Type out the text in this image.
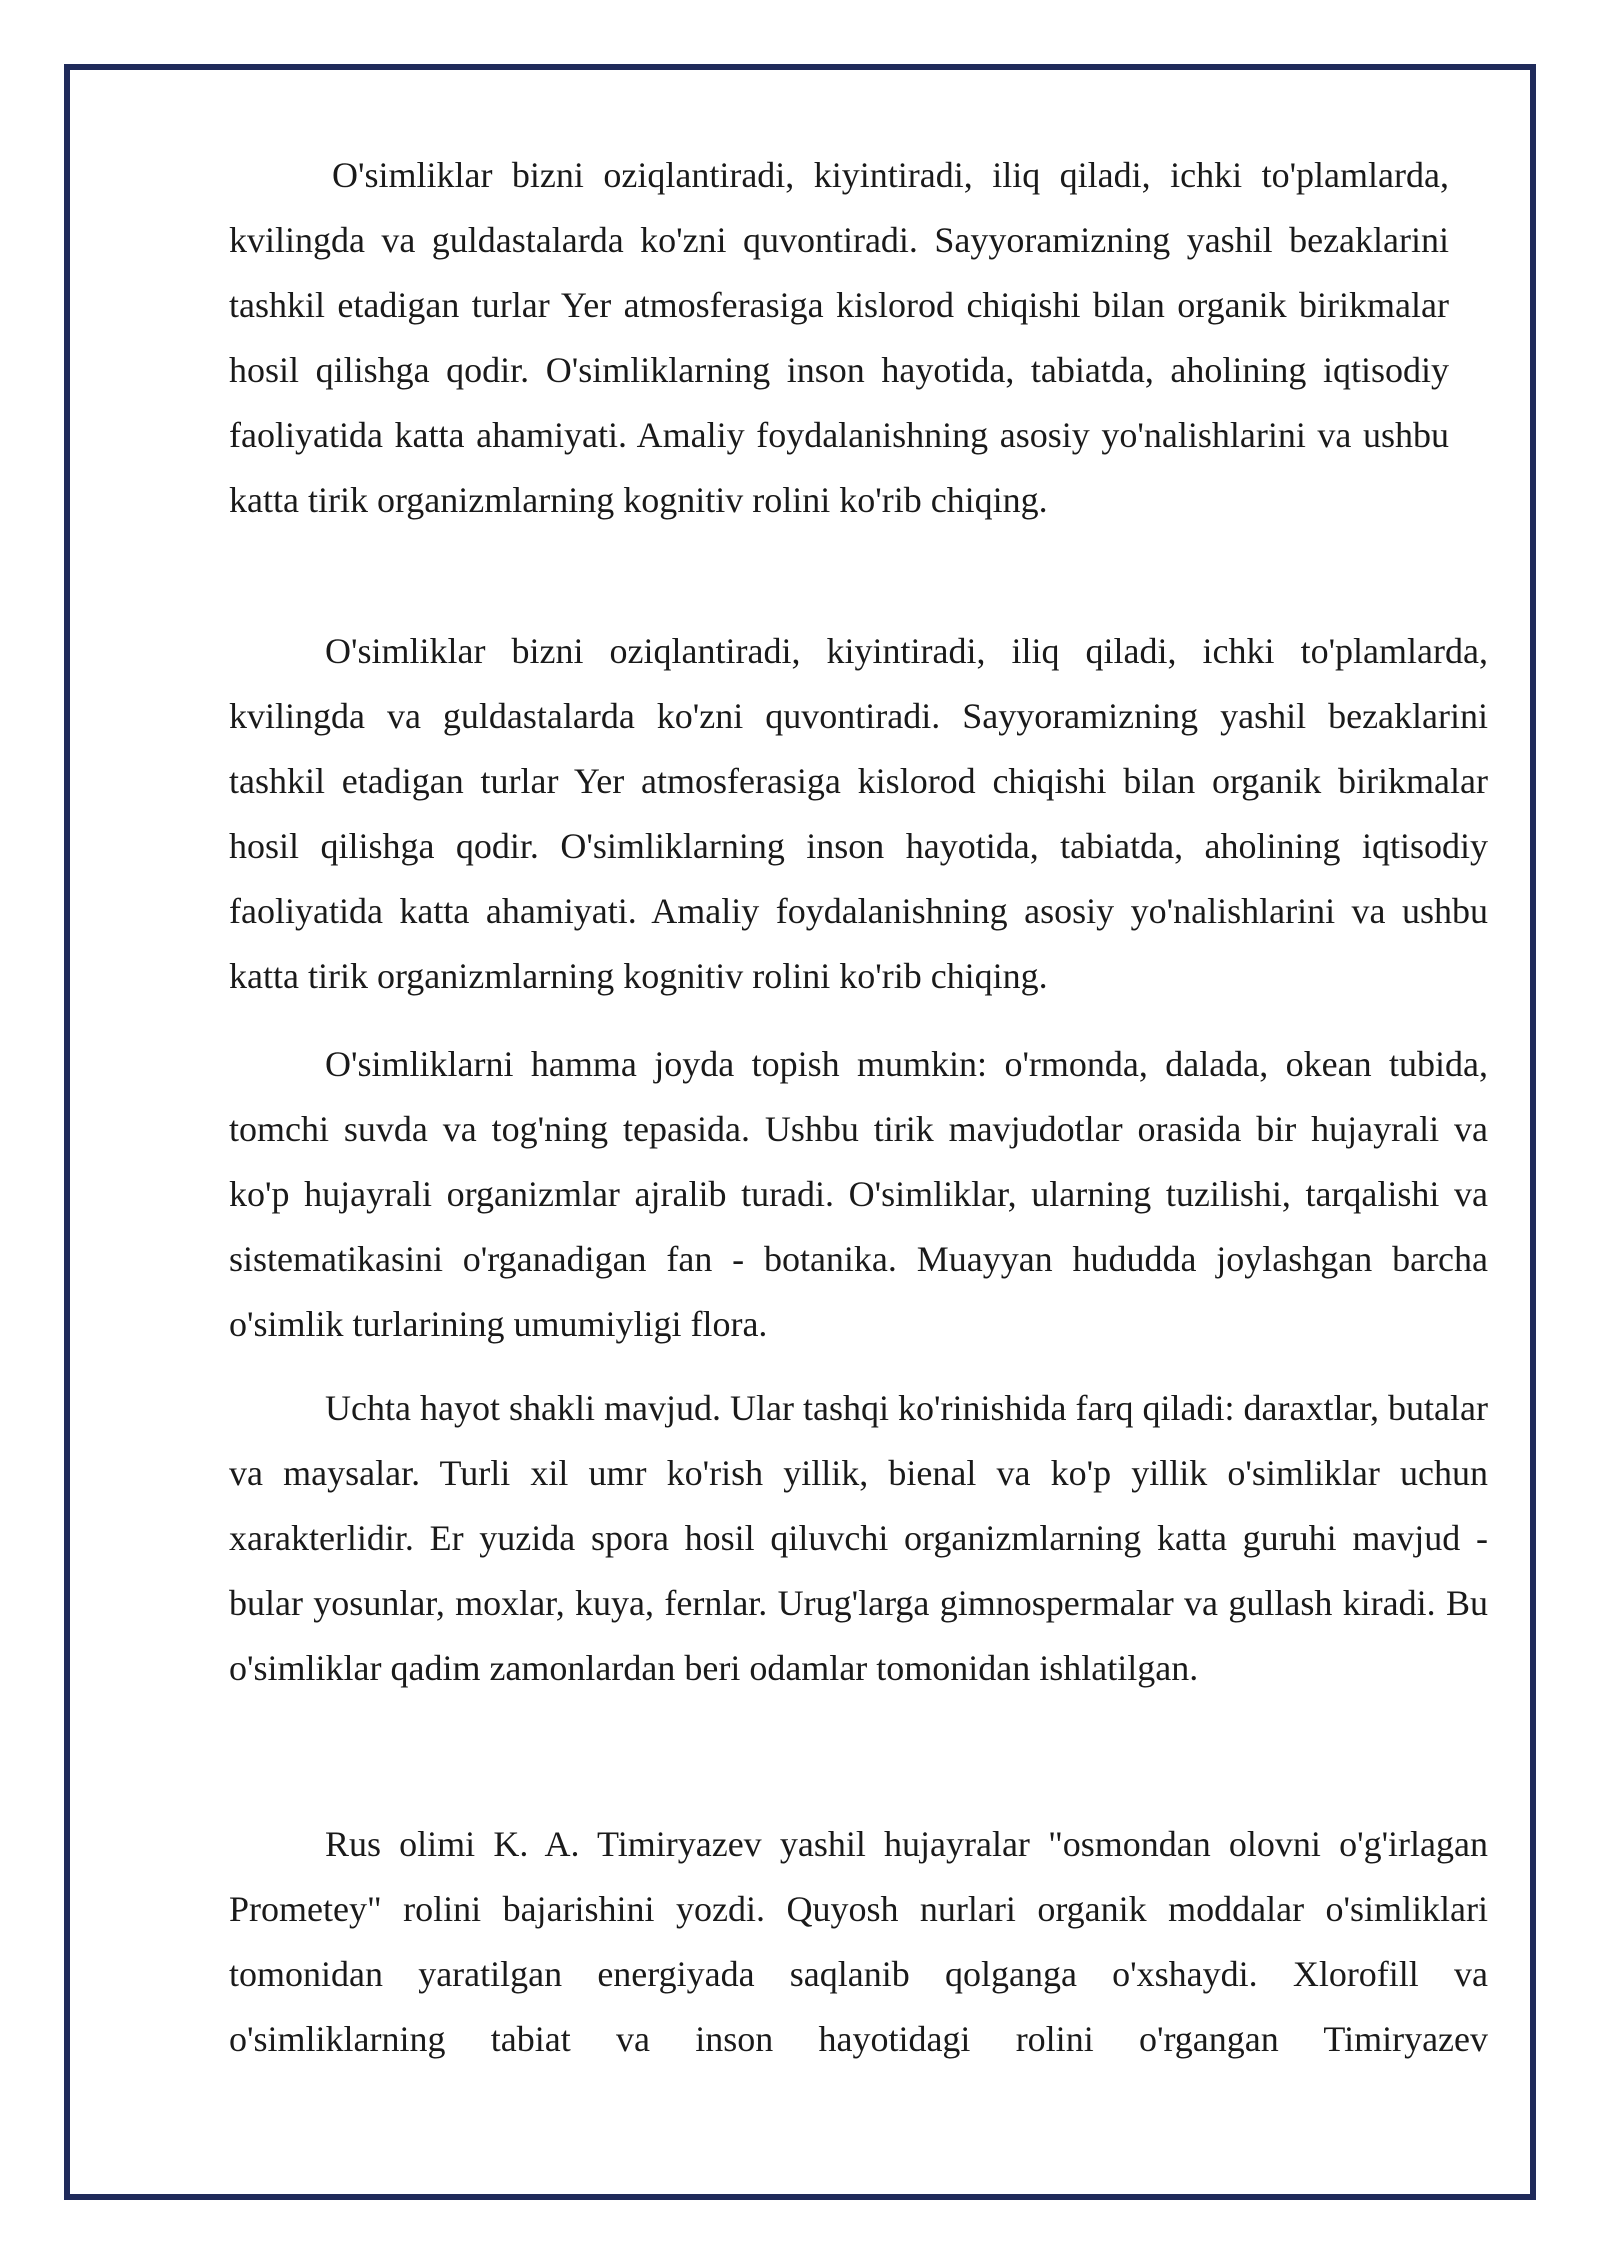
O'simliklar bizni oziqlantiradi, kiyintiradi, iliq qiladi, ichki to'plamlarda, kvilingda va guldastalarda ko'zni quvontiradi. Sayyoramizning yashil bezaklarini tashkil etadigan turlar Yer atmosferasiga kislorod chiqishi bilan organik birikmalar hosil qilishga qodir. O'simliklarning inson hayotida, tabiatda, aholining iqtisodiy faoliyatida katta ahamiyati. Amaliy foydalanishning asosiy yo'nalishlarini va ushbu katta tirik organizmlarning kognitiv rolini ko'rib chiqing.

O'simliklar bizni oziqlantiradi, kiyintiradi, iliq qiladi, ichki to'plamlarda, kvilingda va guldastalarda ko'zni quvontiradi. Sayyoramizning yashil bezaklarini tashkil etadigan turlar Yer atmosferasiga kislorod chiqishi bilan organik birikmalar hosil qilishga qodir. O'simliklarning inson hayotida, tabiatda, aholining iqtisodiy faoliyatida katta ahamiyati. Amaliy foydalanishning asosiy yo'nalishlarini va ushbu katta tirik organizmlarning kognitiv rolini ko'rib chiqing.

O'simliklarni hamma joyda topish mumkin: o'rmonda, dalada, okean tubida, tomchi suvda va tog'ning tepasida. Ushbu tirik mavjudotlar orasida bir hujayrali va ko'p hujayrali organizmlar ajralib turadi. O'simliklar, ularning tuzilishi, tarqalishi va sistematikasini o'rganadigan fan - botanika. Muayyan hududda joylashgan barcha o'simlik turlarining umumiyligi flora.

Uchta hayot shakli mavjud. Ular tashqi ko'rinishida farq qiladi: daraxtlar, butalar va maysalar. Turli xil umr ko'rish yillik, bienal va ko'p yillik o'simliklar uchun xarakterlidir. Er yuzida spora hosil qiluvchi organizmlarning katta guruhi mavjud - bular yosunlar, moxlar, kuya, fernlar. Urug'larga gimnospermalar va gullash kiradi. Bu o'simliklar qadim zamonlardan beri odamlar tomonidan ishlatilgan.

Rus olimi K. A. Timiryazev yashil hujayralar "osmondan olovni o'g'irlagan Prometey" rolini bajarishini yozdi. Quyosh nurlari organik moddalar o'simliklari tomonidan yaratilgan energiyada saqlanib qolganga o'xshaydi. Xlorofill va o'simliklarning tabiat va inson hayotidagi rolini o'rgangan Timiryazev
